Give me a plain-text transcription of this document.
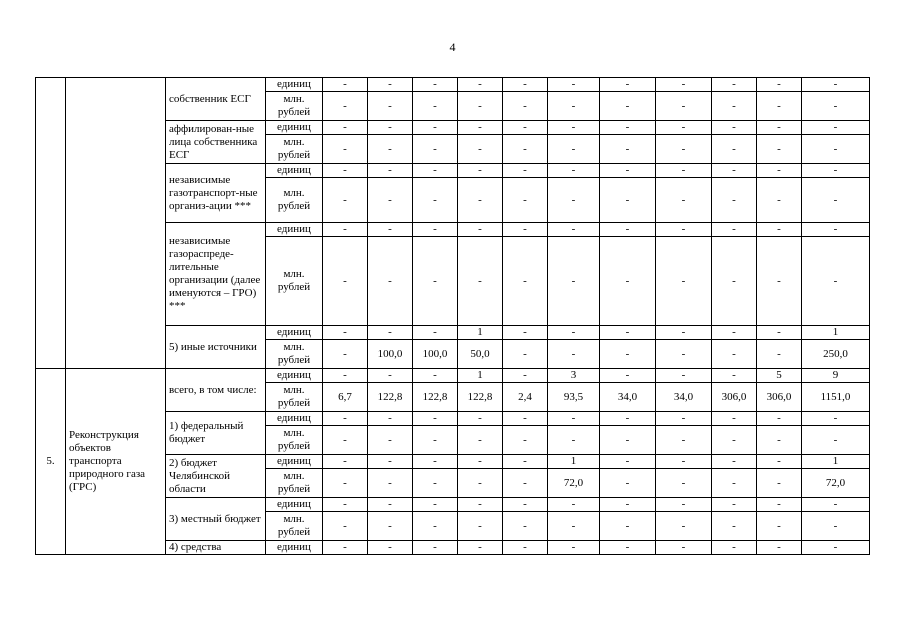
4
		собственник ЕСГ	единиц	-	-	-	-	-	-	-	-	-	-	-
			млн. рублей	-	-	-	-	-	-	-	-	-	-	-
		аффилирован-ные лица собственника ЕСГ	единиц	-	-	-	-	-	-	-	-	-	-	-
			млн. рублей	-	-	-	-	-	-	-	-	-	-	-
		независимые газотранспорт-ные организ-ации ***	единиц	-	-	-	-	-	-	-	-	-	-	-
			млн. рублей	-	-	-	-	-	-	-	-	-	-	-
		независимые газораспреде-лительные организации (далее именуются – ГРО) ***	единиц	-	-	-	-	-	-	-	-	-	-	-
			млн. рублей	-	-	-	-	-	-	-	-	-	-	-
		5) иные источники	единиц	-	-	-	1	-	-	-	-	-	-	1
			млн. рублей	-	100,0	100,0	50,0	-	-	-	-	-	-	250,0
5.	Реконструкция объектов транспорта природного газа (ГРС)	всего, в том числе:	единиц	-	-	-	1	-	3	-	-	-	5	9
			млн. рублей	6,7	122,8	122,8	122,8	2,4	93,5	34,0	34,0	306,0	306,0	1151,0
		1) федеральный бюджет	единиц	-	-	-	-	-	-	-	-	-	-	-
			млн. рублей	-	-	-	-	-	-	-	-	-	-	-
		2) бюджет Челябинской области	единиц	-	-	-	-	-	1	-	-	-	-	1
			млн. рублей	-	-	-	-	-	72,0	-	-	-	-	72,0
		3) местный бюджет	единиц	-	-	-	-	-	-	-	-	-	-	-
			млн. рублей	-	-	-	-	-	-	-	-	-	-	-
		4) средства	единиц	-	-	-	-	-	-	-	-	-	-	-
